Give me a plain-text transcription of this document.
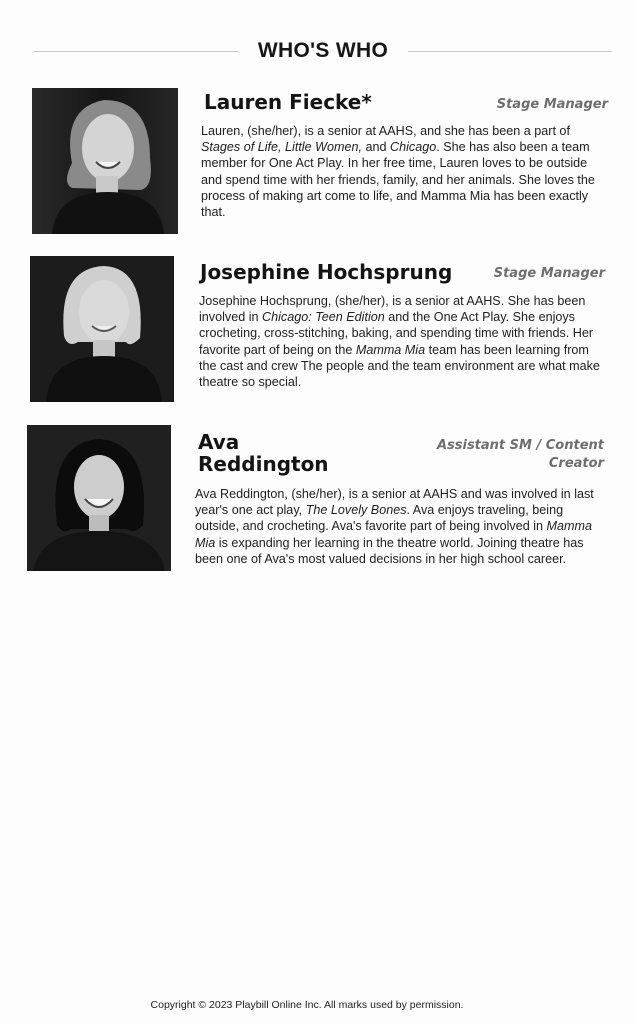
WHO'S WHO
Lauren Fiecke*	Stage Manager
Lauren, (she/her), is a senior at AAHS, and she has been a part of Stages of Life, Little Women, and Chicago. She has also been a team member for One Act Play. In her free time, Lauren loves to be outside and spend time with her friends, family, and her animals. She loves the process of making art come to life, and Mamma Mia has been exactly that.
Josephine Hochsprung	Stage Manager
Josephine Hochsprung, (she/her), is a senior at AAHS. She has been involved in Chicago: Teen Edition and the One Act Play. She enjoys crocheting, cross-stitching, baking, and spending time with friends. Her favorite part of being on the Mamma Mia team has been learning from the cast and crew The people and the team environment are what make theatre so special.
Ava
Reddington
Assistant SM / Content
Creator
Ava Reddington, (she/her), is a senior at AAHS and was involved in last year's one act play, The Lovely Bones. Ava enjoys traveling, being outside, and crocheting. Ava's favorite part of being involved in Mamma Mia is expanding her learning in the theatre world. Joining theatre has been one of Ava's most valued decisions in her high school career.
Copyright © 2023 Playbill Online Inc. All marks used by permission.
